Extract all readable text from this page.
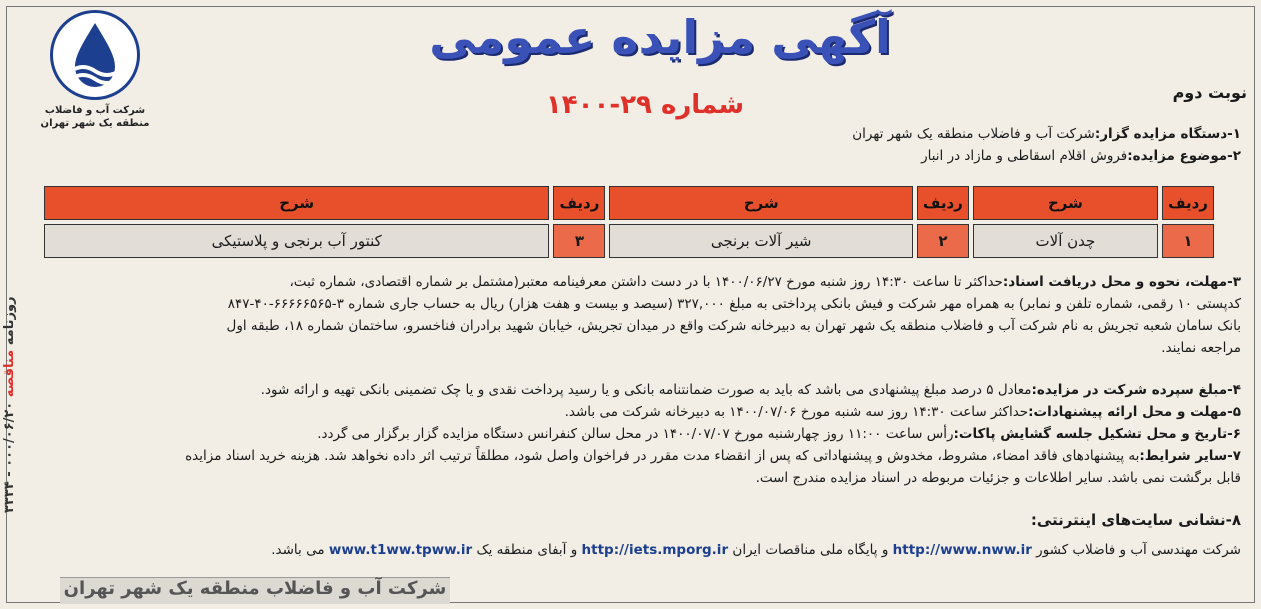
شرکت آب و فاضلاب
منطقه یک شهر تهران
آگهی مزایده عمومی
شماره ۲۹-۱۴۰۰	نوبت دوم
۱-دستگاه مزایده گزار:شرکت آب و فاضلاب منطقه یک شهر تهران
۲-موضوع مزایده:فروش اقلام اسقاطی و مازاد در انبار
ردیف	شرح	ردیف	شرح	ردیف	شرح
۱	چدن آلات	۲	شیر آلات برنجی	۳	کنتور آب برنجی و پلاستیکی
۳-مهلت، نحوه و محل دریافت اسناد:حداکثر تا ساعت ۱۴:۳۰ روز شنبه مورخ ۱۴۰۰/۰۶/۲۷ با در دست داشتن معرفینامه معتبر(مشتمل بر شماره اقتصادی، شماره ثبت،
کدپستی ۱۰ رقمی، شماره تلفن و نمابر) به همراه مهر شرکت و فیش بانکی پرداختی به مبلغ ۳۲۷,۰۰۰ (سیصد و بیست و هفت هزار) ریال به حساب جاری شماره ۳-۶۶۶۶۶۵۶۵-۴۰-۸۴۷
بانک سامان شعبه تجریش به نام شرکت آب و فاضلاب منطقه یک شهر تهران به دبیرخانه شرکت واقع در میدان تجریش، خیابان شهید برادران فناخسرو، ساختمان شماره ۱۸، طبقه اول
مراجعه نمایند.
۴-مبلغ سپرده شرکت در مزایده:معادل ۵ درصد مبلغ پیشنهادی می باشد که باید به صورت ضمانتنامه بانکی و یا رسید پرداخت نقدی و یا چک تضمینی بانکی تهیه و ارائه شود.
۵-مهلت و محل ارائه پیشنهادات:حداکثر ساعت ۱۴:۳۰ روز سه شنبه مورخ ۱۴۰۰/۰۷/۰۶ به دبیرخانه شرکت می باشد.
۶-تاریخ و محل تشکیل جلسه گشایش پاکات:رأس ساعت ۱۱:۰۰ روز چهارشنبه مورخ ۱۴۰۰/۰۷/۰۷ در محل سالن کنفرانس دستگاه مزایده گزار برگزار می گردد.
۷-سایر شرایط:به پیشنهادهای فاقد امضاء، مشروط، مخدوش و پیشنهاداتی که پس از انقضاء مدت مقرر در فراخوان واصل شود، مطلقاً ترتیب اثر داده نخواهد شد. هزینه خرید اسناد مزایده
قابل برگشت نمی باشد. سایر اطلاعات و جزئیات مربوطه در اسناد مزایده مندرج است.
۸-نشانی سایت‌های اینترنتی:
شرکت مهندسی آب و فاضلاب کشور http://www.nww.ir و پایگاه ملی مناقصات ایران http://iets.mporg.ir و آبفای منطقه یک www.t1ww.tpww.ir می باشد.
روزنامه مناقصه ۰۰۰/۰۶/۲۰ - ۳۳۳۴
شرکت آب و فاضلاب منطقه یک شهر تهران
